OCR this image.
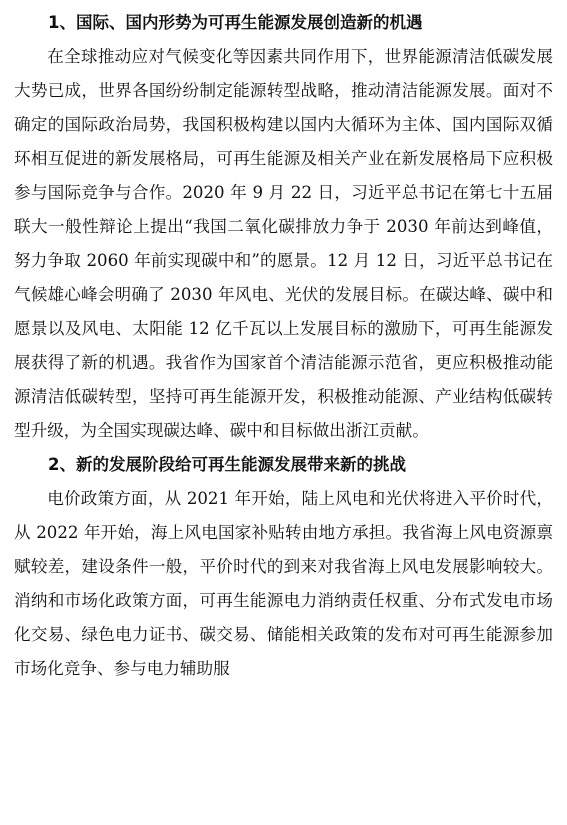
1、国际、国内形势为可再生能源发展创造新的机遇

在全球推动应对气候变化等因素共同作用下，世界能源清洁低碳发展大势已成，世界各国纷纷制定能源转型战略，推动清洁能源发展。面对不确定的国际政治局势，我国积极构建以国内大循环为主体、国内国际双循环相互促进的新发展格局，可再生能源及相关产业在新发展格局下应积极参与国际竞争与合作。2020 年 9 月 22 日，习近平总书记在第七十五届联大一般性辩论上提出“我国二氧化碳排放力争于 2030 年前达到峰值，努力争取 2060 年前实现碳中和”的愿景。12 月 12 日，习近平总书记在气候雄心峰会明确了 2030 年风电、光伏的发展目标。在碳达峰、碳中和愿景以及风电、太阳能 12 亿千瓦以上发展目标的激励下，可再生能源发展获得了新的机遇。我省作为国家首个清洁能源示范省，更应积极推动能源清洁低碳转型，坚持可再生能源开发，积极推动能源、产业结构低碳转型升级，为全国实现碳达峰、碳中和目标做出浙江贡献。

2、新的发展阶段给可再生能源发展带来新的挑战

电价政策方面，从 2021 年开始，陆上风电和光伏将进入平价时代，从 2022 年开始，海上风电国家补贴转由地方承担。我省海上风电资源禀赋较差，建设条件一般，平价时代的到来对我省海上风电发展影响较大。消纳和市场化政策方面，可再生能源电力消纳责任权重、分布式发电市场化交易、绿色电力证书、碳交易、储能相关政策的发布对可再生能源参加市场化竞争、参与电力辅助服
